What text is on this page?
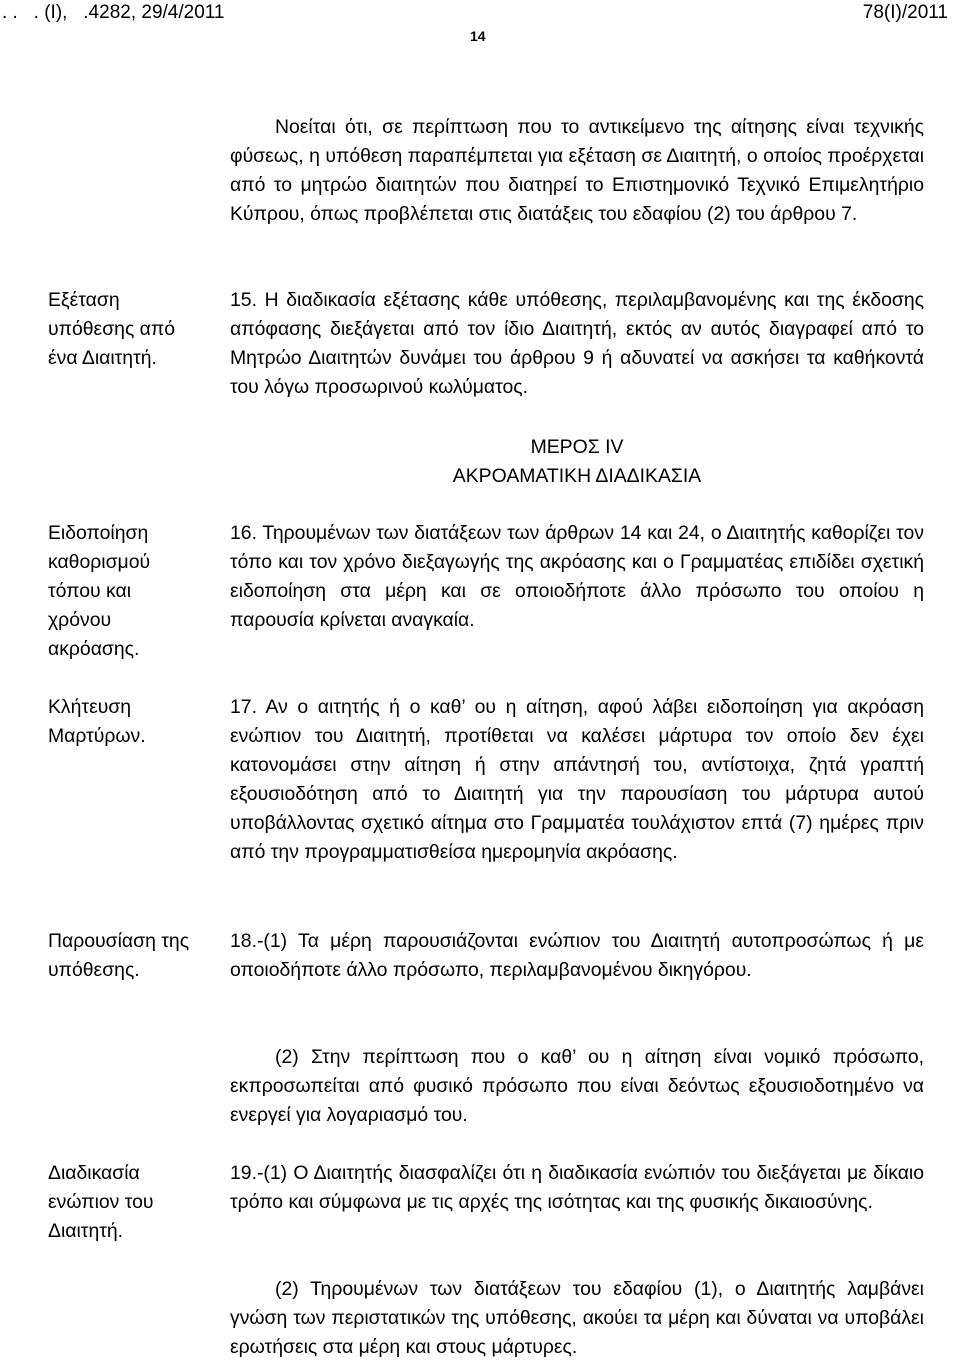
. .   . (I),   .4282, 29/4/2011	78(I)/2011
14
Νοείται ότι, σε περίπτωση που το αντικείμενο της αίτησης είναι τεχνικής φύσεως, η υπόθεση παραπέμπεται για εξέταση σε Διαιτητή, ο οποίος προέρχεται από το μητρώο διαιτητών που διατηρεί το Επιστημονικό Τεχνικό Επιμελητήριο Κύπρου, όπως προβλέπεται στις διατάξεις του εδαφίου (2) του άρθρου 7.
Εξέταση υπόθεσης από ένα Διαιτητή.
15. Η διαδικασία εξέτασης κάθε υπόθεσης, περιλαμβανομένης και της έκδοσης απόφασης διεξάγεται από τον ίδιο Διαιτητή, εκτός αν αυτός διαγραφεί από το Μητρώο Διαιτητών δυνάμει του άρθρου 9 ή αδυνατεί να ασκήσει τα καθήκοντά του λόγω προσωρινού κωλύματος.
ΜΕΡΟΣ IV
ΑΚΡΟΑΜΑΤΙΚΗ ΔΙΑΔΙΚΑΣΙΑ
Ειδοποίηση καθορισμού τόπου και χρόνου ακρόασης.
16. Τηρουμένων των διατάξεων των άρθρων 14 και 24, ο Διαιτητής καθορίζει τον τόπο και τον χρόνο διεξαγωγής της ακρόασης και ο Γραμματέας επιδίδει σχετική ειδοποίηση στα μέρη και σε οποιοδήποτε άλλο πρόσωπο του οποίου η παρουσία κρίνεται αναγκαία.
Κλήτευση Μαρτύρων.
17. Αν ο αιτητής ή ο καθ’ ου η αίτηση, αφού λάβει ειδοποίηση για ακρόαση ενώπιον του Διαιτητή, προτίθεται να καλέσει μάρτυρα τον οποίο δεν έχει κατονομάσει στην αίτηση ή στην απάντησή του, αντίστοιχα, ζητά γραπτή εξουσιοδότηση από το Διαιτητή για την παρουσίαση του μάρτυρα αυτού υποβάλλοντας σχετικό αίτημα στο Γραμματέα τουλάχιστον επτά (7) ημέρες πριν από την προγραμματισθείσα ημερομηνία ακρόασης.
Παρουσίαση της υπόθεσης.
18.-(1) Τα μέρη παρουσιάζονται ενώπιον του Διαιτητή αυτοπροσώπως ή με οποιοδήποτε άλλο πρόσωπο, περιλαμβανομένου δικηγόρου.
(2) Στην περίπτωση που ο καθ’ ου η αίτηση είναι νομικό πρόσωπο, εκπροσωπείται από φυσικό πρόσωπο που είναι δεόντως εξουσιοδοτημένο να ενεργεί για λογαριασμό του.
Διαδικασία ενώπιον του Διαιτητή.
19.-(1) Ο Διαιτητής διασφαλίζει ότι η διαδικασία ενώπιόν του διεξάγεται με δίκαιο τρόπο και σύμφωνα με τις αρχές της ισότητας και της φυσικής δικαιοσύνης.
(2) Τηρουμένων των διατάξεων του εδαφίου (1), ο Διαιτητής λαμβάνει γνώση των περιστατικών της υπόθεσης, ακούει τα μέρη και δύναται να υποβάλει ερωτήσεις στα μέρη και στους μάρτυρες.
